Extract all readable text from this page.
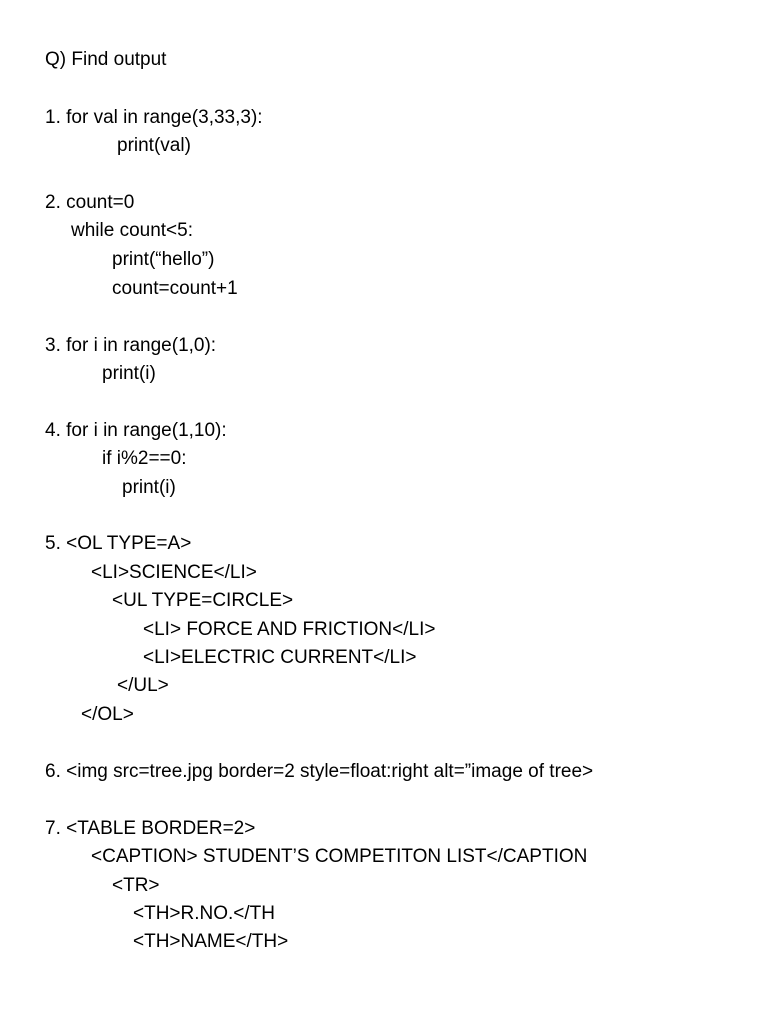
Q) Find output
1. for val in range(3,33,3):
print(val)
2. count=0
while count<5:
print(“hello”)
count=count+1
3. for i in range(1,0):
print(i)
4. for i in range(1,10):
if i%2==0:
print(i)
5. <OL TYPE=A>
<LI>SCIENCE</LI>
<UL TYPE=CIRCLE>
<LI> FORCE AND FRICTION</LI>
<LI>ELECTRIC CURRENT</LI>
</UL>
</OL>
6. <img src=tree.jpg border=2 style=float:right alt=”image of tree>
7. <TABLE BORDER=2>
<CAPTION> STUDENT’S COMPETITON LIST</CAPTION
<TR>
<TH>R.NO.</TH
<TH>NAME</TH>
